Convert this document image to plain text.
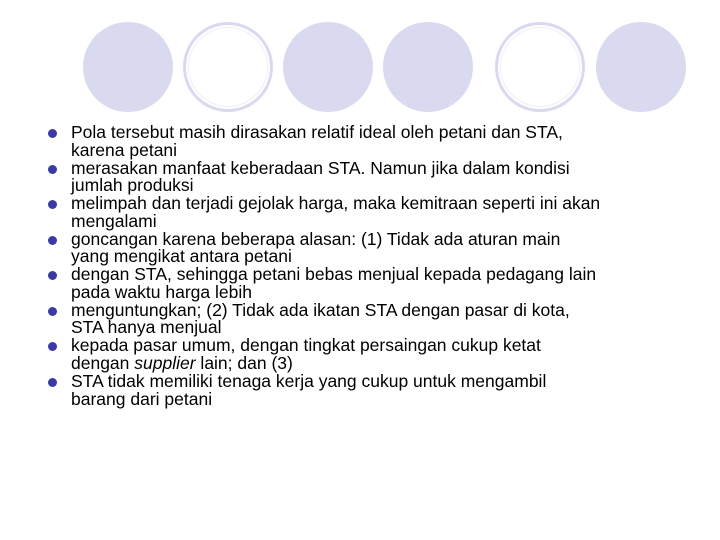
Pola tersebut masih dirasakan relatif ideal oleh petani dan STA,
karena petani
merasakan manfaat keberadaan STA. Namun jika dalam kondisi
jumlah produksi
melimpah dan terjadi gejolak harga, maka kemitraan seperti ini akan
mengalami
goncangan karena beberapa alasan: (1) Tidak ada aturan main
yang mengikat antara petani
dengan STA, sehingga petani bebas menjual kepada pedagang lain
pada waktu harga lebih
menguntungkan; (2) Tidak ada ikatan STA dengan pasar di kota,
STA hanya menjual
kepada pasar umum, dengan tingkat persaingan cukup ketat
dengan supplier lain; dan (3)
STA tidak memiliki tenaga kerja yang cukup untuk mengambil
barang dari petani
